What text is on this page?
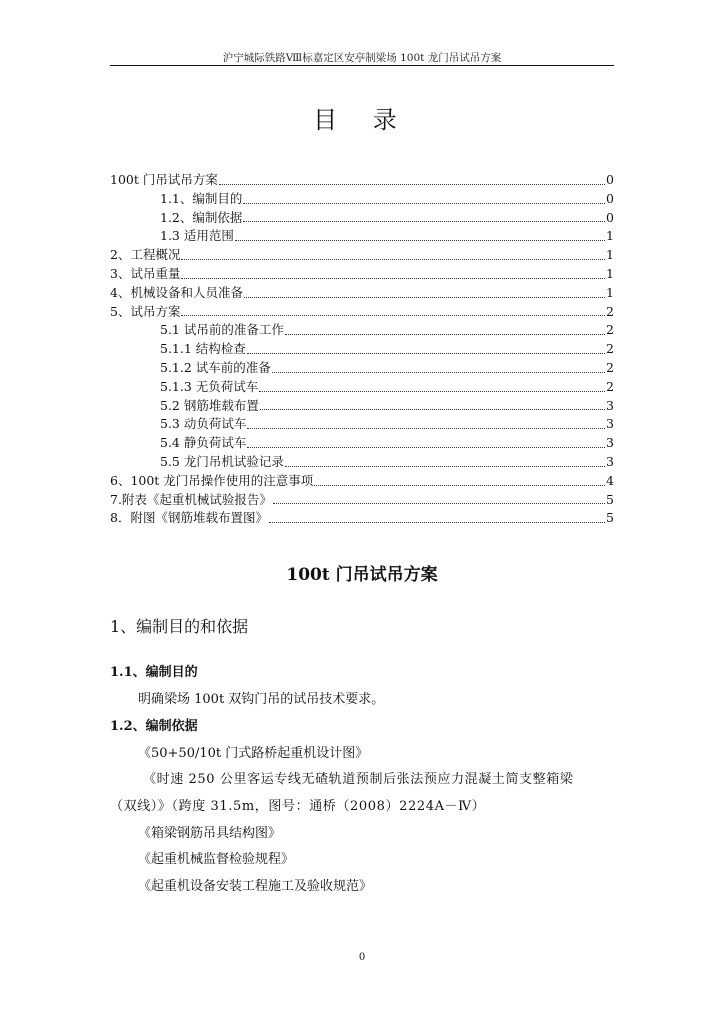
沪宁城际铁路Ⅷ标嘉定区安亭制梁场 100t 龙门吊试吊方案
目 录
100t 门吊试吊方案	0
1.1、编制目的	0
1.2、编制依据	0
1.3 适用范围	1
2、工程概况	1
3、试吊重量	1
4、机械设备和人员准备	1
5、试吊方案	2
5.1 试吊前的准备工作	2
5.1.1 结构检查	2
5.1.2 试车前的准备	2
5.1.3 无负荷试车	2
5.2 钢筋堆载布置	3
5.3 动负荷试车	3
5.4 静负荷试车	3
5.5 龙门吊机试验记录	3
6、100t 龙门吊操作使用的注意事项	4
7.附表《起重机械试验报告》	5
8．附图《钢筋堆载布置图》	5
100t 门吊试吊方案
1、编制目的和依据
1.1、编制目的
明确梁场 100t 双钩门吊的试吊技术要求。
1.2、编制依据
《50+50/10t 门式路桥起重机设计图》
《时速 250 公里客运专线无碴轨道预制后张法预应力混凝土简支整箱梁
（双线）》（跨度 31.5m，图号：通桥（2008）2224A－Ⅳ）
《箱梁钢筋吊具结构图》
《起重机械监督检验规程》
《起重机设备安装工程施工及验收规范》
0
